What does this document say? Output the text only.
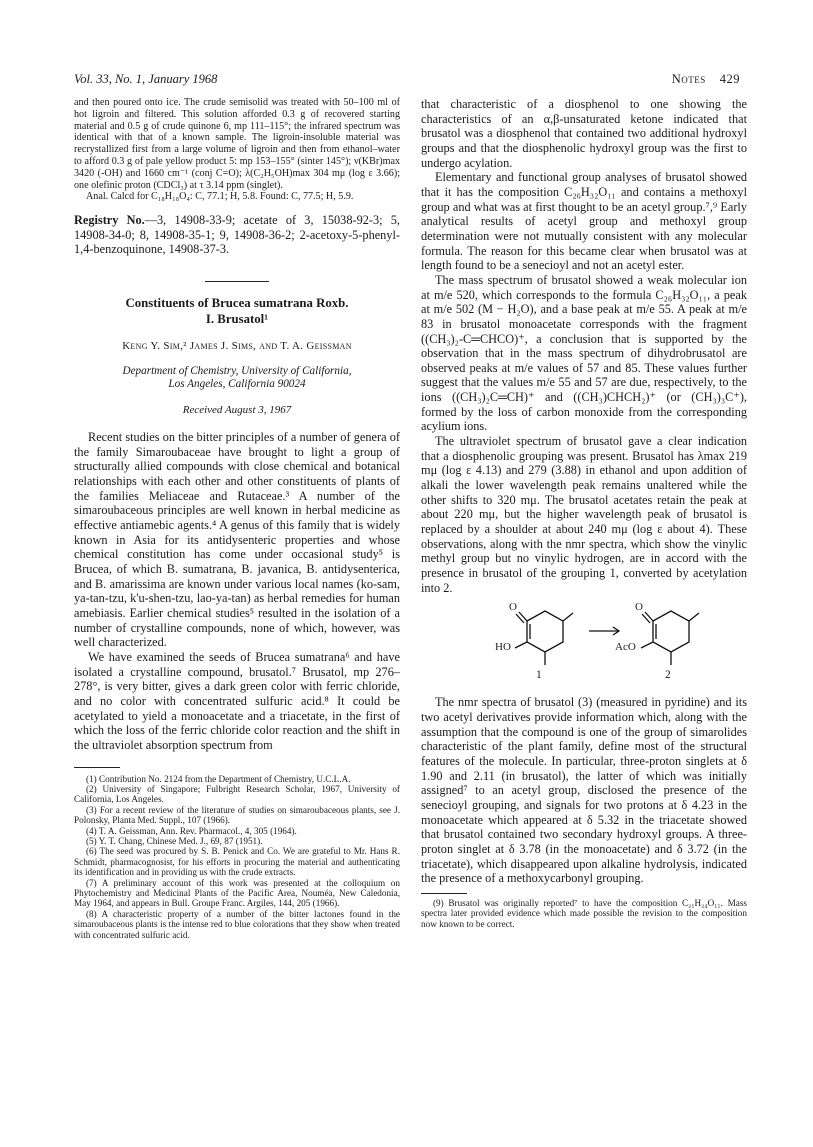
Vol. 33, No. 1, January 1968	Notes 429

and then poured onto ice. The crude semisolid was treated with 50–100 ml of hot ligroin and filtered. This solution afforded 0.3 g of recovered starting material and 0.5 g of crude quinone 6, mp 111–115°; the infrared spectrum was identical with that of a known sample. The ligroin-insoluble material was recrystallized first from a large volume of ligroin and then from ethanol–water to afford 0.3 g of pale yellow product 5: mp 153–155° (sinter 145°); ν(KBr)max 3420 (-OH) and 1660 cm⁻¹ (conj C=O); λ(C₂H₅OH)max 304 mμ (log ε 3.66); one olefinic proton (CDCl₃) at τ 3.14 ppm (singlet).

Anal. Calcd for C₁₈H₁₈O₄: C, 77.1; H, 5.8. Found: C, 77.5; H, 5.9.

Registry No.—3, 14908-33-9; acetate of 3, 15038-92-3; 5, 14908-34-0; 8, 14908-35-1; 9, 14908-36-2; 2-acetoxy-5-phenyl-1,4-benzoquinone, 14908-37-3.
Constituents of Brucea sumatrana Roxb.
I. Brusatol¹
Keng Y. Sim,² James J. Sims, and T. A. Geissman
Department of Chemistry, University of California,
Los Angeles, California 90024
Received August 3, 1967

Recent studies on the bitter principles of a number of genera of the family Simaroubaceae have brought to light a group of structurally allied compounds with close chemical and botanical relationships with each other and other constituents of plants of the families Meliaceae and Rutaceae.³ A number of the simaroubaceous principles are well known in herbal medicine as effective antiamebic agents.⁴ A genus of this family that is widely known in Asia for its antidysenteric properties and whose chemical constitution has come under occasional study⁵ is Brucea, of which B. sumatrana, B. javanica, B. antidysenterica, and B. amarissima are known under various local names (ko-sam, ya-tan-tzu, k'u-shen-tzu, lao-ya-tan) as herbal remedies for human amebiasis. Earlier chemical studies⁵ resulted in the isolation of a number of crystalline compounds, none of which, however, was well characterized.

We have examined the seeds of Brucea sumatrana⁶ and have isolated a crystalline compound, brusatol.⁷ Brusatol, mp 276–278°, is very bitter, gives a dark green color with ferric chloride, and no color with concentrated sulfuric acid.⁸ It could be acetylated to yield a monoacetate and a triacetate, in the first of which the loss of the ferric chloride color reaction and the shift in the ultraviolet absorption spectrum from

(1) Contribution No. 2124 from the Department of Chemistry, U.C.L.A.

(2) University of Singapore; Fulbright Research Scholar, 1967, University of California, Los Angeles.

(3) For a recent review of the literature of studies on simaroubaceous plants, see J. Polonsky, Planta Med. Suppl., 107 (1966).

(4) T. A. Geissman, Ann. Rev. Pharmacol., 4, 305 (1964).

(5) Y. T. Chang, Chinese Med. J., 69, 87 (1951).

(6) The seed was procured by S. B. Penick and Co. We are grateful to Mr. Hans R. Schmidt, pharmacognosist, for his efforts in procuring the material and authenticating its identification and in providing us with the crude extracts.

(7) A preliminary account of this work was presented at the colloquium on Phytochemistry and Medicinal Plants of the Pacific Area, Nouméa, New Caledonia, May 1964, and appears in Bull. Groupe Franc. Argiles, 144, 205 (1966).

(8) A characteristic property of a number of the bitter lactones found in the simaroubaceous plants is the intense red to blue colorations that they show when treated with concentrated sulfuric acid.

that characteristic of a diosphenol to one showing the characteristics of an α,β-unsaturated ketone indicated that brusatol was a diosphenol that contained two additional hydroxyl groups and that the diosphenolic hydroxyl group was the first to undergo acylation.

Elementary and functional group analyses of brusatol showed that it has the composition C₂₆H₃₂O₁₁ and contains a methoxyl group and what was at first thought to be an acetyl group.⁷,⁹ Early analytical results of acetyl group and methoxyl group determination were not mutually consistent with any molecular formula. The reason for this became clear when brusatol was at length found to be a senecioyl and not an acetyl ester.

The mass spectrum of brusatol showed a weak molecular ion at m/e 520, which corresponds to the formula C₂₆H₃₂O₁₁, a peak at m/e 502 (M − H₂O), and a base peak at m/e 55. A peak at m/e 83 in brusatol monoacetate corresponds with the fragment ((CH₃)₂-C═CHCO)⁺, a conclusion that is supported by the observation that in the mass spectrum of dihydrobrusatol are observed peaks at m/e values of 57 and 85. These values further suggest that the values m/e 55 and 57 are due, respectively, to the ions ((CH₃)₂C═CH)⁺ and ((CH₃)CHCH₂)⁺ (or (CH₃)₃C⁺), formed by the loss of carbon monoxide from the corresponding acylium ions.

The ultraviolet spectrum of brusatol gave a clear indication that a diosphenolic grouping was present. Brusatol has λmax 219 mμ (log ε 4.13) and 279 (3.88) in ethanol and upon addition of alkali the lower wavelength peak remains unaltered while the other shifts to 320 mμ. The brusatol acetates retain the peak at about 220 mμ, but the higher wavelength peak of brusatol is replaced by a shoulder at about 240 mμ (log ε about 4). These observations, along with the nmr spectra, which show the vinylic methyl group but no vinylic hydrogen, are in accord with the presence in brusatol of the grouping 1, converted by acetylation into 2.

O
HO
O
AcO
1	2

The nmr spectra of brusatol (3) (measured in pyridine) and its two acetyl derivatives provide information which, along with the assumption that the compound is one of the group of simarolides characteristic of the plant family, define most of the structural features of the molecule. In particular, three-proton singlets at δ 1.90 and 2.11 (in brusatol), the latter of which was initially assigned⁷ to an acetyl group, disclosed the presence of the senecioyl grouping, and signals for two protons at δ 4.23 in the monoacetate which appeared at δ 5.32 in the triacetate showed that brusatol contained two secondary hydroxyl groups. A three-proton singlet at δ 3.78 (in the monoacetate) and δ 3.72 (in the triacetate), which disappeared upon alkaline hydrolysis, indicated the presence of a methoxycarbonyl grouping.

(9) Brusatol was originally reported⁷ to have the composition C₂₁H₂₄O₁₁. Mass spectra later provided evidence which made possible the revision to the composition now known to be correct.
